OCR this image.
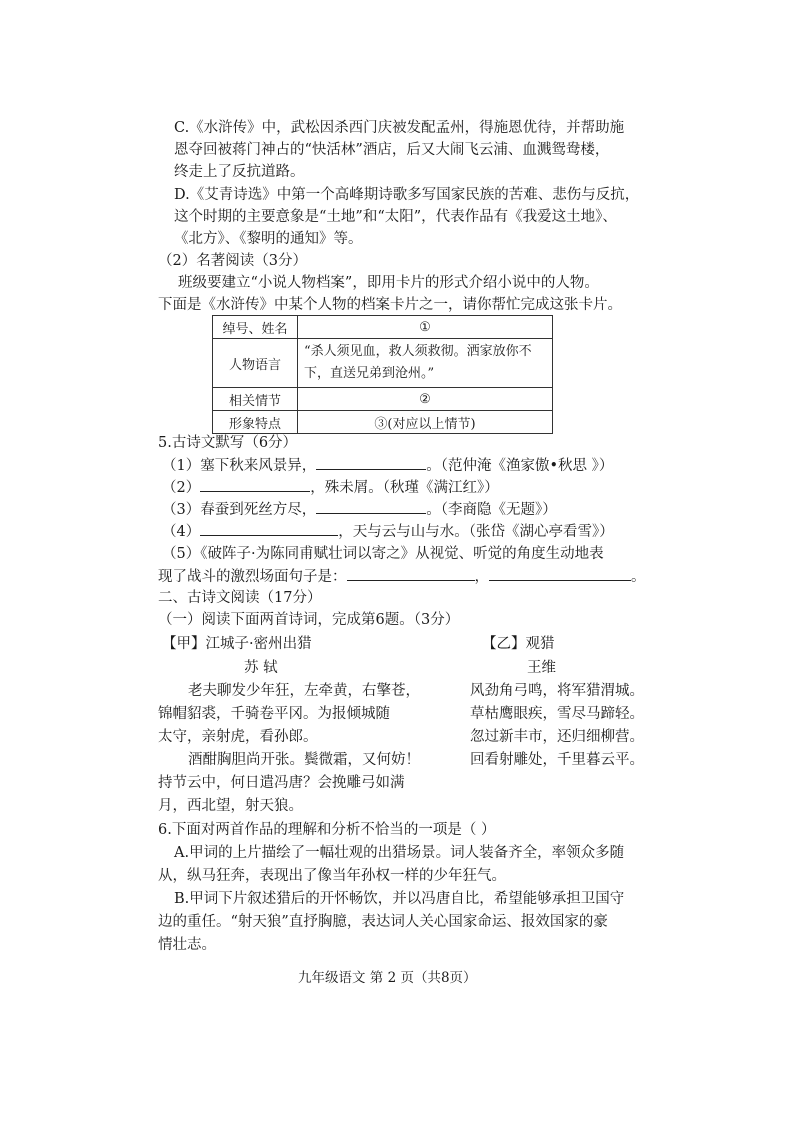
C.《水浒传》中，武松因杀西门庆被发配孟州，得施恩优待，并帮助施
恩夺回被蒋门神占的“快活林”酒店，后又大闹飞云浦、血溅鸳鸯楼，
终走上了反抗道路。
D.《艾青诗选》中第一个高峰期诗歌多写国家民族的苦难、悲伤与反抗，
这个时期的主要意象是“土地”和“太阳”，代表作品有《我爱这土地》、
《北方》、《黎明的通知》等。
（2）名著阅读（3分）
班级要建立“小说人物档案”，即用卡片的形式介绍小说中的人物。
下面是《水浒传》中某个人物的档案卡片之一，请你帮忙完成这张卡片。
绰号、姓名	①
人物语言	“杀人须见血，救人须救彻。洒家放你不
下，直送兄弟到沧州。”

相关情节	②
形象特点	③(对应以上情节)
5.古诗文默写（6分）
（1）塞下秋来风景异，	。（范仲淹《渔家傲•秋思 》）
（2）	，殊未屑。（秋瑾《满江红》）
（3）春蚕到死丝方尽，	。（李商隐《无题》）
（4）	，天与云与山与水。（张岱《湖心亭看雪》）
（5）《破阵子·为陈同甫赋壮词以寄之》从视觉、听觉的角度生动地表
现了战斗的激烈场面句子是：	，	。
二、古诗文阅读（17分）
（一）阅读下面两首诗词，完成第6题。（3分）
【甲】江城子·密州出猎
苏 轼
老夫聊发少年狂，左牵黄，右擎苍，
锦帽貂裘，千骑卷平冈。为报倾城随
太守，亲射虎，看孙郎。
酒酣胸胆尚开张。鬓微霜，又何妨！
持节云中，何日遣冯唐？会挽雕弓如满
月，西北望，射天狼。
【乙】观猎
王维
风劲角弓鸣，将军猎渭城。
草枯鹰眼疾，雪尽马蹄轻。
忽过新丰市，还归细柳营。
回看射雕处，千里暮云平。
6.下面对两首作品的理解和分析不恰当的一项是（ ）
A.甲词的上片描绘了一幅壮观的出猎场景。词人装备齐全，率领众多随
从，纵马狂奔，表现出了像当年孙权一样的少年狂气。
B.甲词下片叙述猎后的开怀畅饮，并以冯唐自比，希望能够承担卫国守
边的重任。“射天狼”直抒胸臆，表达词人关心国家命运、报效国家的豪
情壮志。
九年级语文 第 2 页（共8页）
